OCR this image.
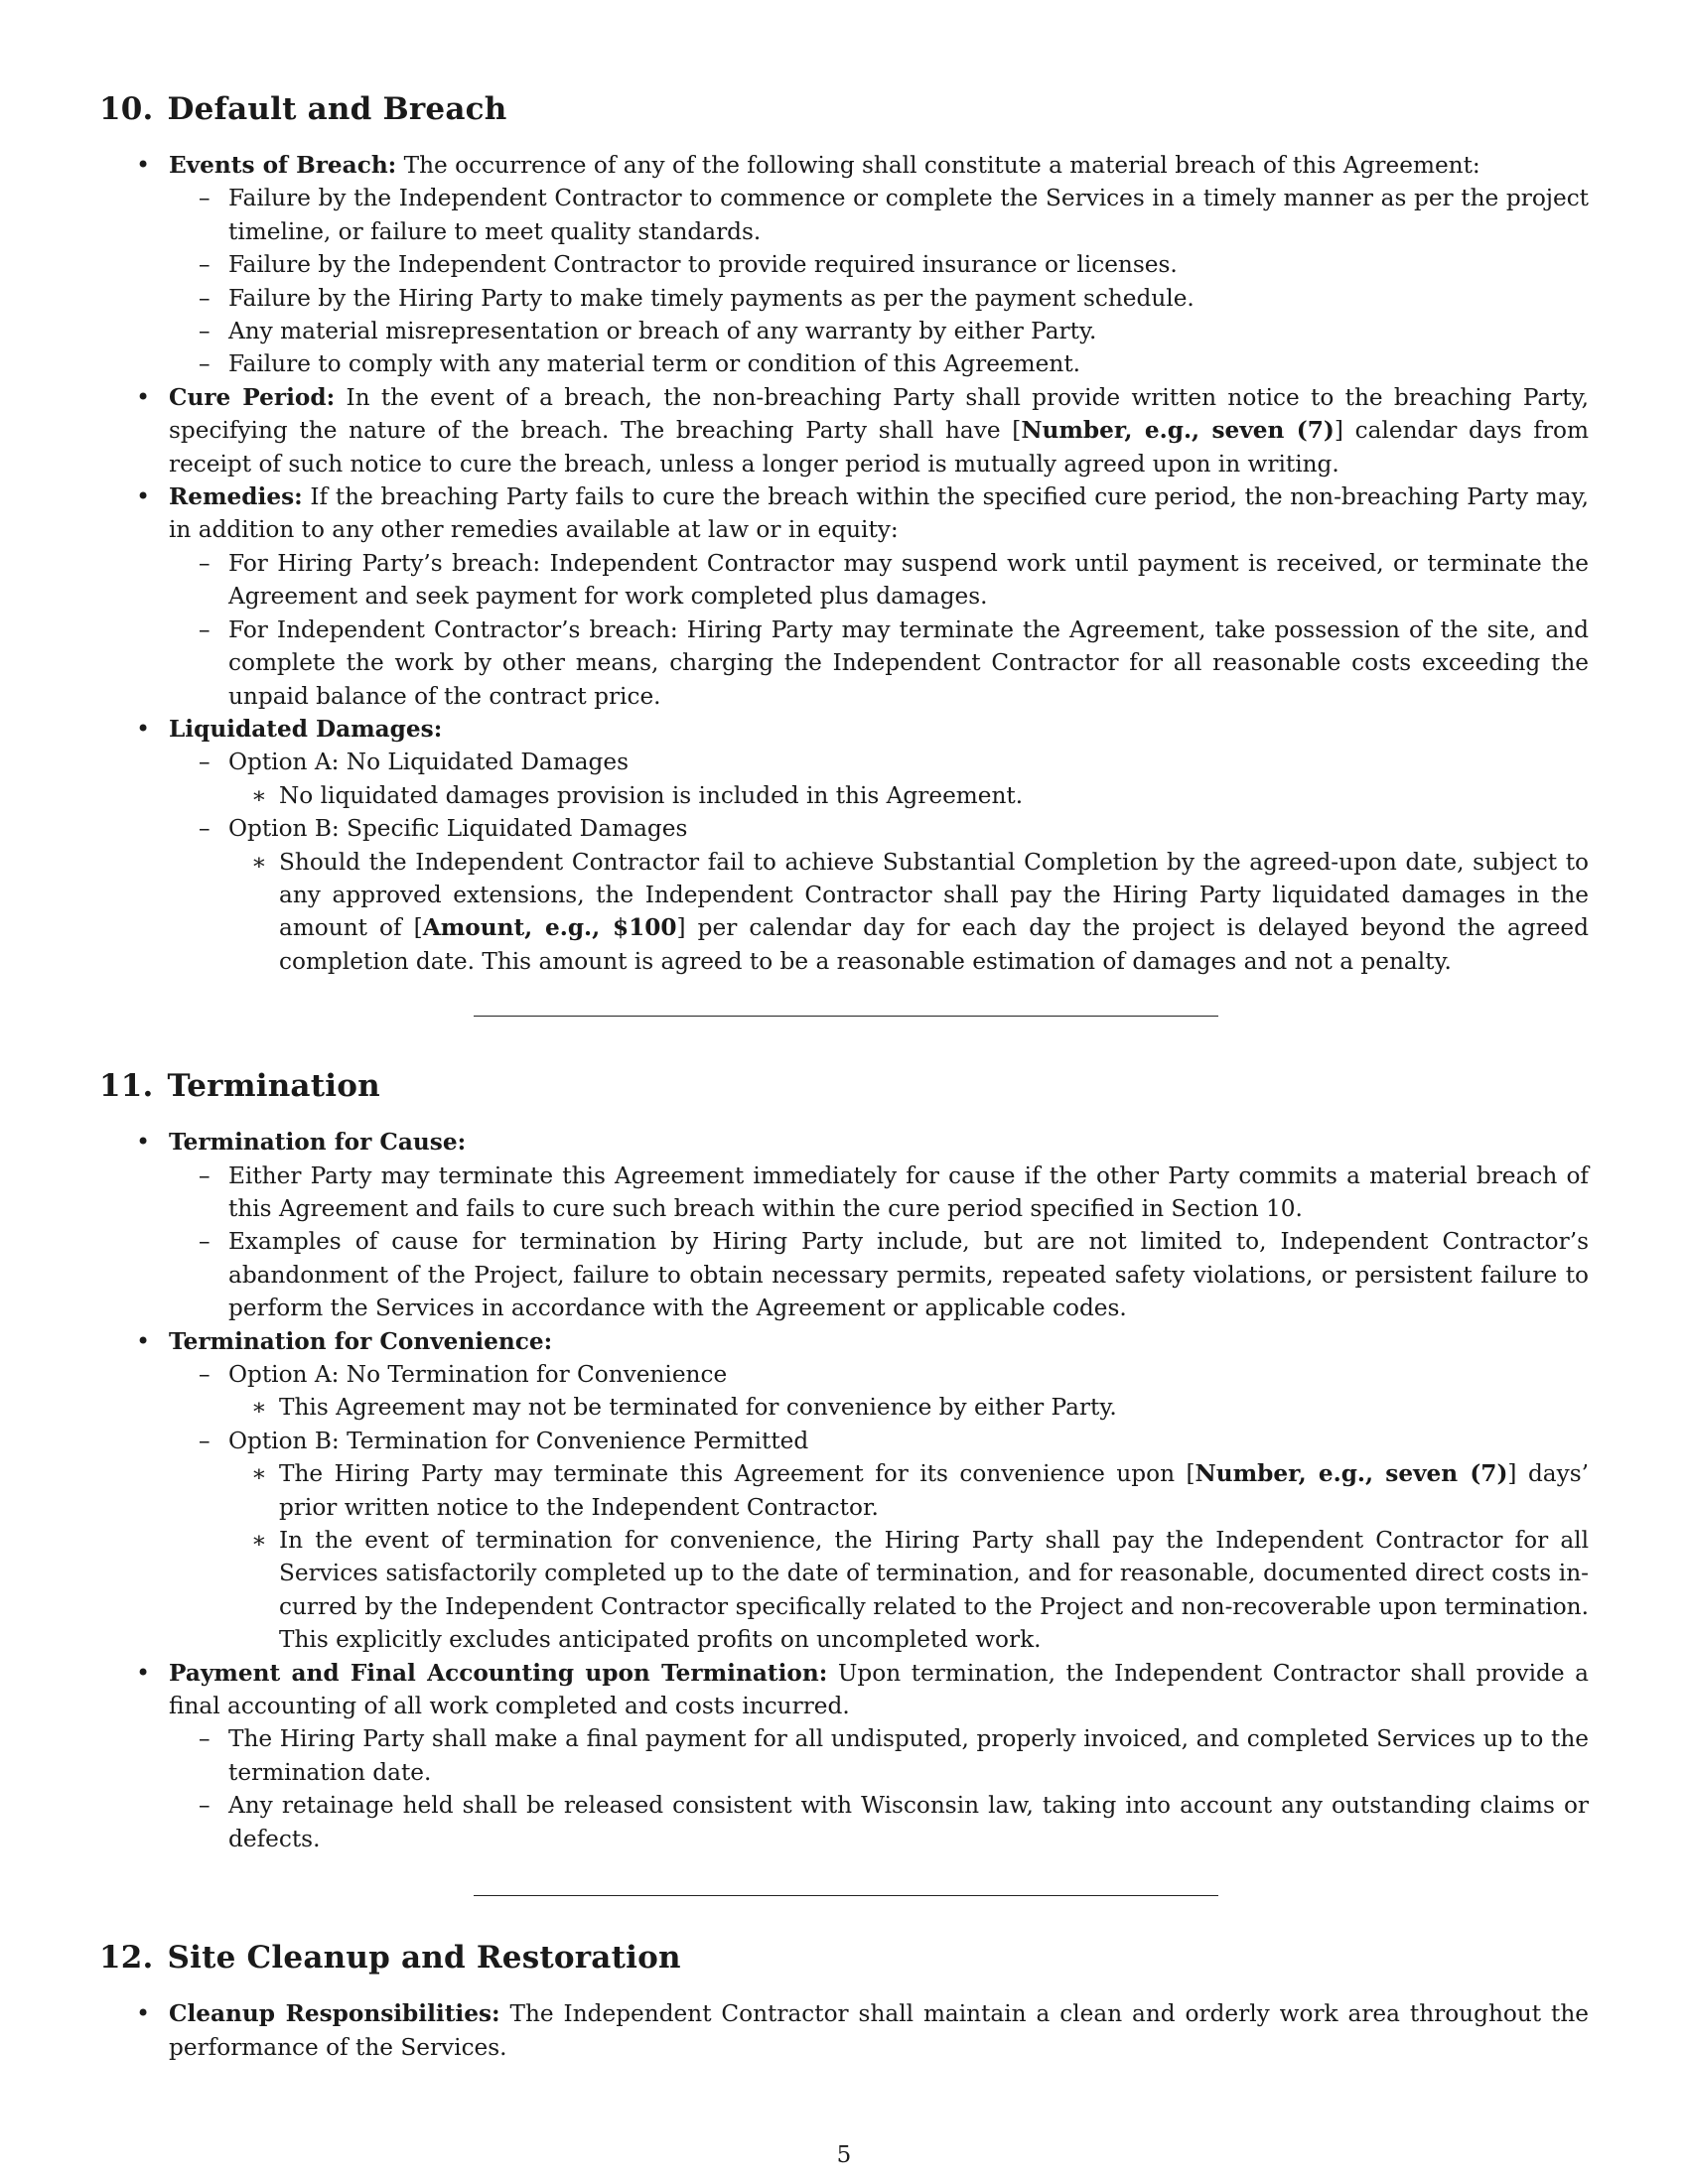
10. Default and Breach
• Events of Breach: The occurrence of any of the following shall constitute a material breach of this Agreement:
– Failure by the Independent Contractor to commence or complete the Services in a timely manner as per the project timeline, or failure to meet quality standards.
– Failure by the Independent Contractor to provide required insurance or licenses.
– Failure by the Hiring Party to make timely payments as per the payment schedule.
– Any material misrepresentation or breach of any warranty by either Party.
– Failure to comply with any material term or condition of this Agreement.
• Cure Period: In the event of a breach, the non-breaching Party shall provide written notice to the breaching Party, specifying the nature of the breach. The breaching Party shall have [Number, e.g., seven (7)] calendar days from receipt of such notice to cure the breach, unless a longer period is mutually agreed upon in writing.
• Remedies: If the breaching Party fails to cure the breach within the specified cure period, the non-breaching Party may, in addition to any other remedies available at law or in equity:
– For Hiring Party’s breach: Independent Contractor may suspend work until payment is received, or terminate the Agreement and seek payment for work completed plus damages.
– For Independent Contractor’s breach: Hiring Party may terminate the Agreement, take possession of the site, and complete the work by other means, charging the Independent Contractor for all reasonable costs exceeding the unpaid balance of the contract price.
• Liquidated Damages:
– Option A: No Liquidated Damages
∗ No liquidated damages provision is included in this Agreement.
– Option B: Specific Liquidated Damages
∗ Should the Independent Contractor fail to achieve Substantial Completion by the agreed-upon date, subject to any approved extensions, the Independent Contractor shall pay the Hiring Party liquidated damages in the amount of [Amount, e.g., $100] per calendar day for each day the project is delayed beyond the agreed completion date. This amount is agreed to be a reasonable estimation of damages and not a penalty.
11. Termination
• Termination for Cause:
– Either Party may terminate this Agreement immediately for cause if the other Party commits a material breach of this Agreement and fails to cure such breach within the cure period specified in Section 10.
– Examples of cause for termination by Hiring Party include, but are not limited to, Independent Contractor’s abandonment of the Project, failure to obtain necessary permits, repeated safety violations, or persistent failure to perform the Services in accordance with the Agreement or applicable codes.
• Termination for Convenience:
– Option A: No Termination for Convenience
∗ This Agreement may not be terminated for convenience by either Party.
– Option B: Termination for Convenience Permitted
∗ The Hiring Party may terminate this Agreement for its convenience upon [Number, e.g., seven (7)] days’ prior written notice to the Independent Contractor.
∗ In the event of termination for convenience, the Hiring Party shall pay the Independent Contractor for all Services satisfactorily completed up to the date of termination, and for reasonable, documented direct costs incurred by the Independent Contractor specifically related to the Project and non-recoverable upon termination. This explicitly excludes anticipated profits on uncompleted work.
• Payment and Final Accounting upon Termination: Upon termination, the Independent Contractor shall provide a final accounting of all work completed and costs incurred.
– The Hiring Party shall make a final payment for all undisputed, properly invoiced, and completed Services up to the termination date.
– Any retainage held shall be released consistent with Wisconsin law, taking into account any outstanding claims or defects.
12. Site Cleanup and Restoration
• Cleanup Responsibilities: The Independent Contractor shall maintain a clean and orderly work area throughout the performance of the Services.
5
